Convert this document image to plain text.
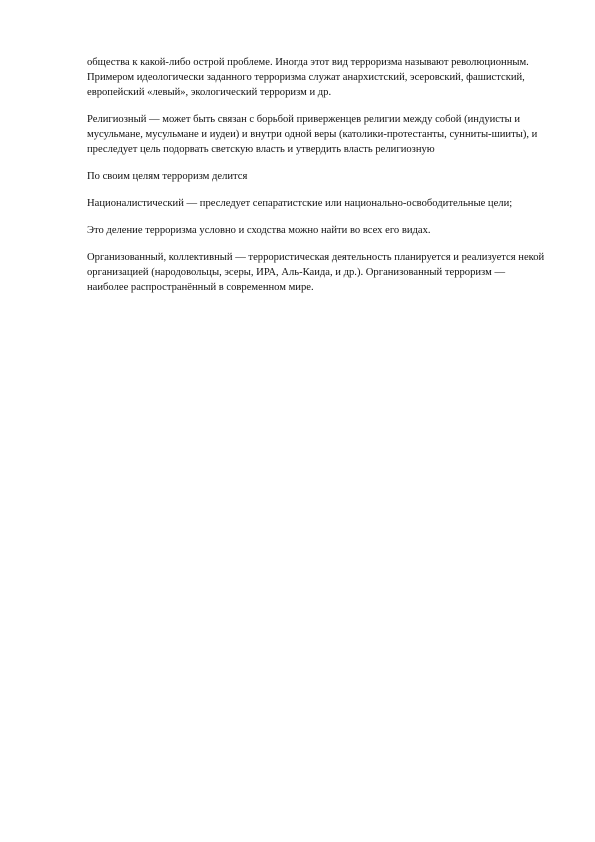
общества к какой-либо острой проблеме. Иногда этот вид терроризма называют революционным. Примером идеологически заданного терроризма служат анархистский, эсеровский, фашистский, европейский «левый», экологический терроризм и др.

Религиозный — может быть связан с борьбой приверженцев религии между собой (индуисты и мусульмане, мусульмане и иудеи) и внутри одной веры (католики-протестанты, сунниты-шииты), и преследует цель подорвать светскую власть и утвердить власть религиозную

По своим целям терроризм делится

Националистический — преследует сепаратистские или национально-освободительные цели;

Это деление терроризма условно и сходства можно найти во всех его видах.

Организованный, коллективный — террористическая деятельность планируется и реализуется некой организацией (народовольцы, эсеры, ИРА, Аль-Каида, и др.). Организованный терроризм — наиболее распространённый в современном мире.
